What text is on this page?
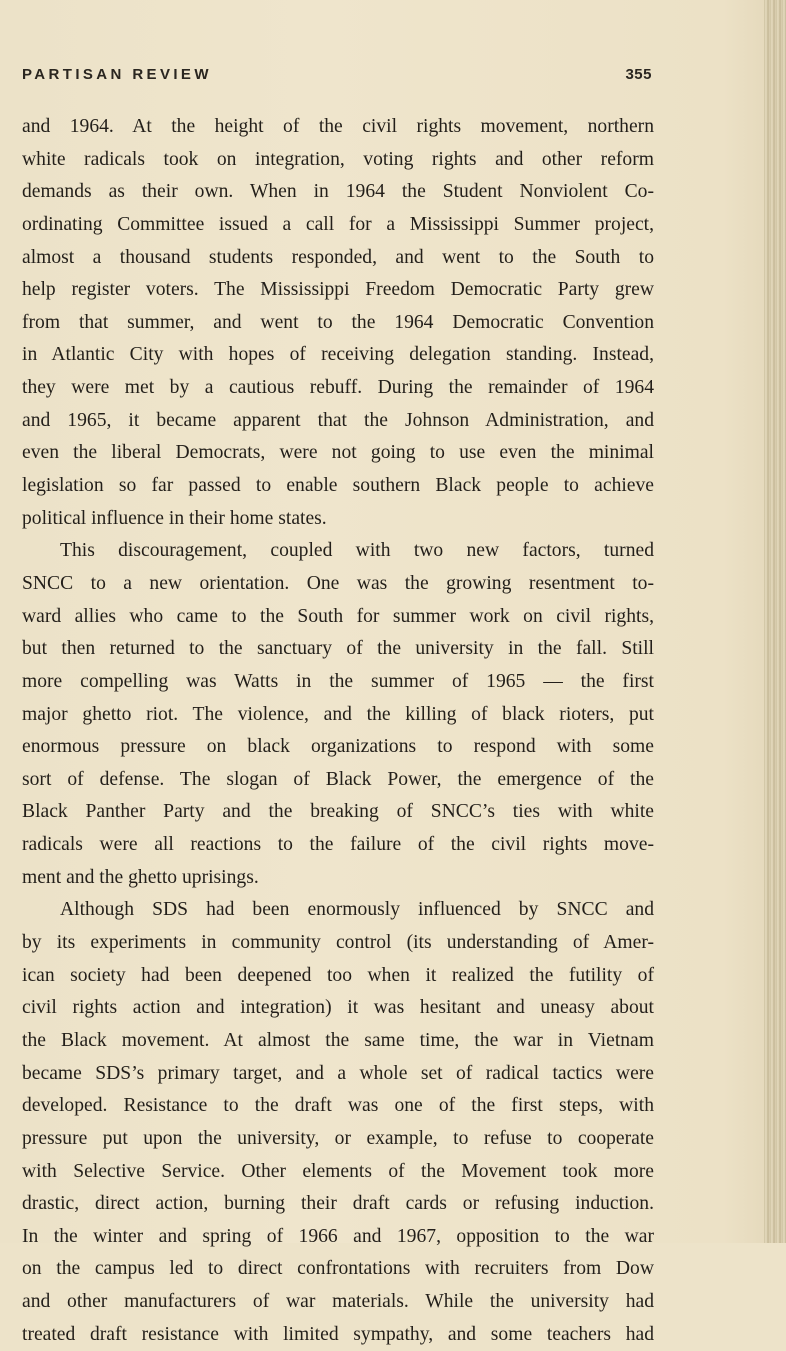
PARTISAN REVIEW	355
and 1964. At the height of the civil rights movement, northern
white radicals took on integration, voting rights and other reform
demands as their own. When in 1964 the Student Nonviolent Co-
ordinating Committee issued a call for a Mississippi Summer project,
almost a thousand students responded, and went to the South to
help register voters. The Mississippi Freedom Democratic Party grew
from that summer, and went to the 1964 Democratic Convention
in Atlantic City with hopes of receiving delegation standing. Instead,
they were met by a cautious rebuff. During the remainder of 1964
and 1965, it became apparent that the Johnson Administration, and
even the liberal Democrats, were not going to use even the minimal
legislation so far passed to enable southern Black people to achieve
political influence in their home states.
This discouragement, coupled with two new factors, turned
SNCC to a new orientation. One was the growing resentment to-
ward allies who came to the South for summer work on civil rights,
but then returned to the sanctuary of the university in the fall. Still
more compelling was Watts in the summer of 1965 — the first
major ghetto riot. The violence, and the killing of black rioters, put
enormous pressure on black organizations to respond with some
sort of defense. The slogan of Black Power, the emergence of the
Black Panther Party and the breaking of SNCC’s ties with white
radicals were all reactions to the failure of the civil rights move-
ment and the ghetto uprisings.
Although SDS had been enormously influenced by SNCC and
by its experiments in community control (its understanding of Amer-
ican society had been deepened too when it realized the futility of
civil rights action and integration) it was hesitant and uneasy about
the Black movement. At almost the same time, the war in Vietnam
became SDS’s primary target, and a whole set of radical tactics were
developed. Resistance to the draft was one of the first steps, with
pressure put upon the university, or example, to refuse to cooperate
with Selective Service. Other elements of the Movement took more
drastic, direct action, burning their draft cards or refusing induction.
In the winter and spring of 1966 and 1967, opposition to the war
on the campus led to direct confrontations with recruiters from Dow
and other manufacturers of war materials. While the university had
treated draft resistance with limited sympathy, and some teachers had
